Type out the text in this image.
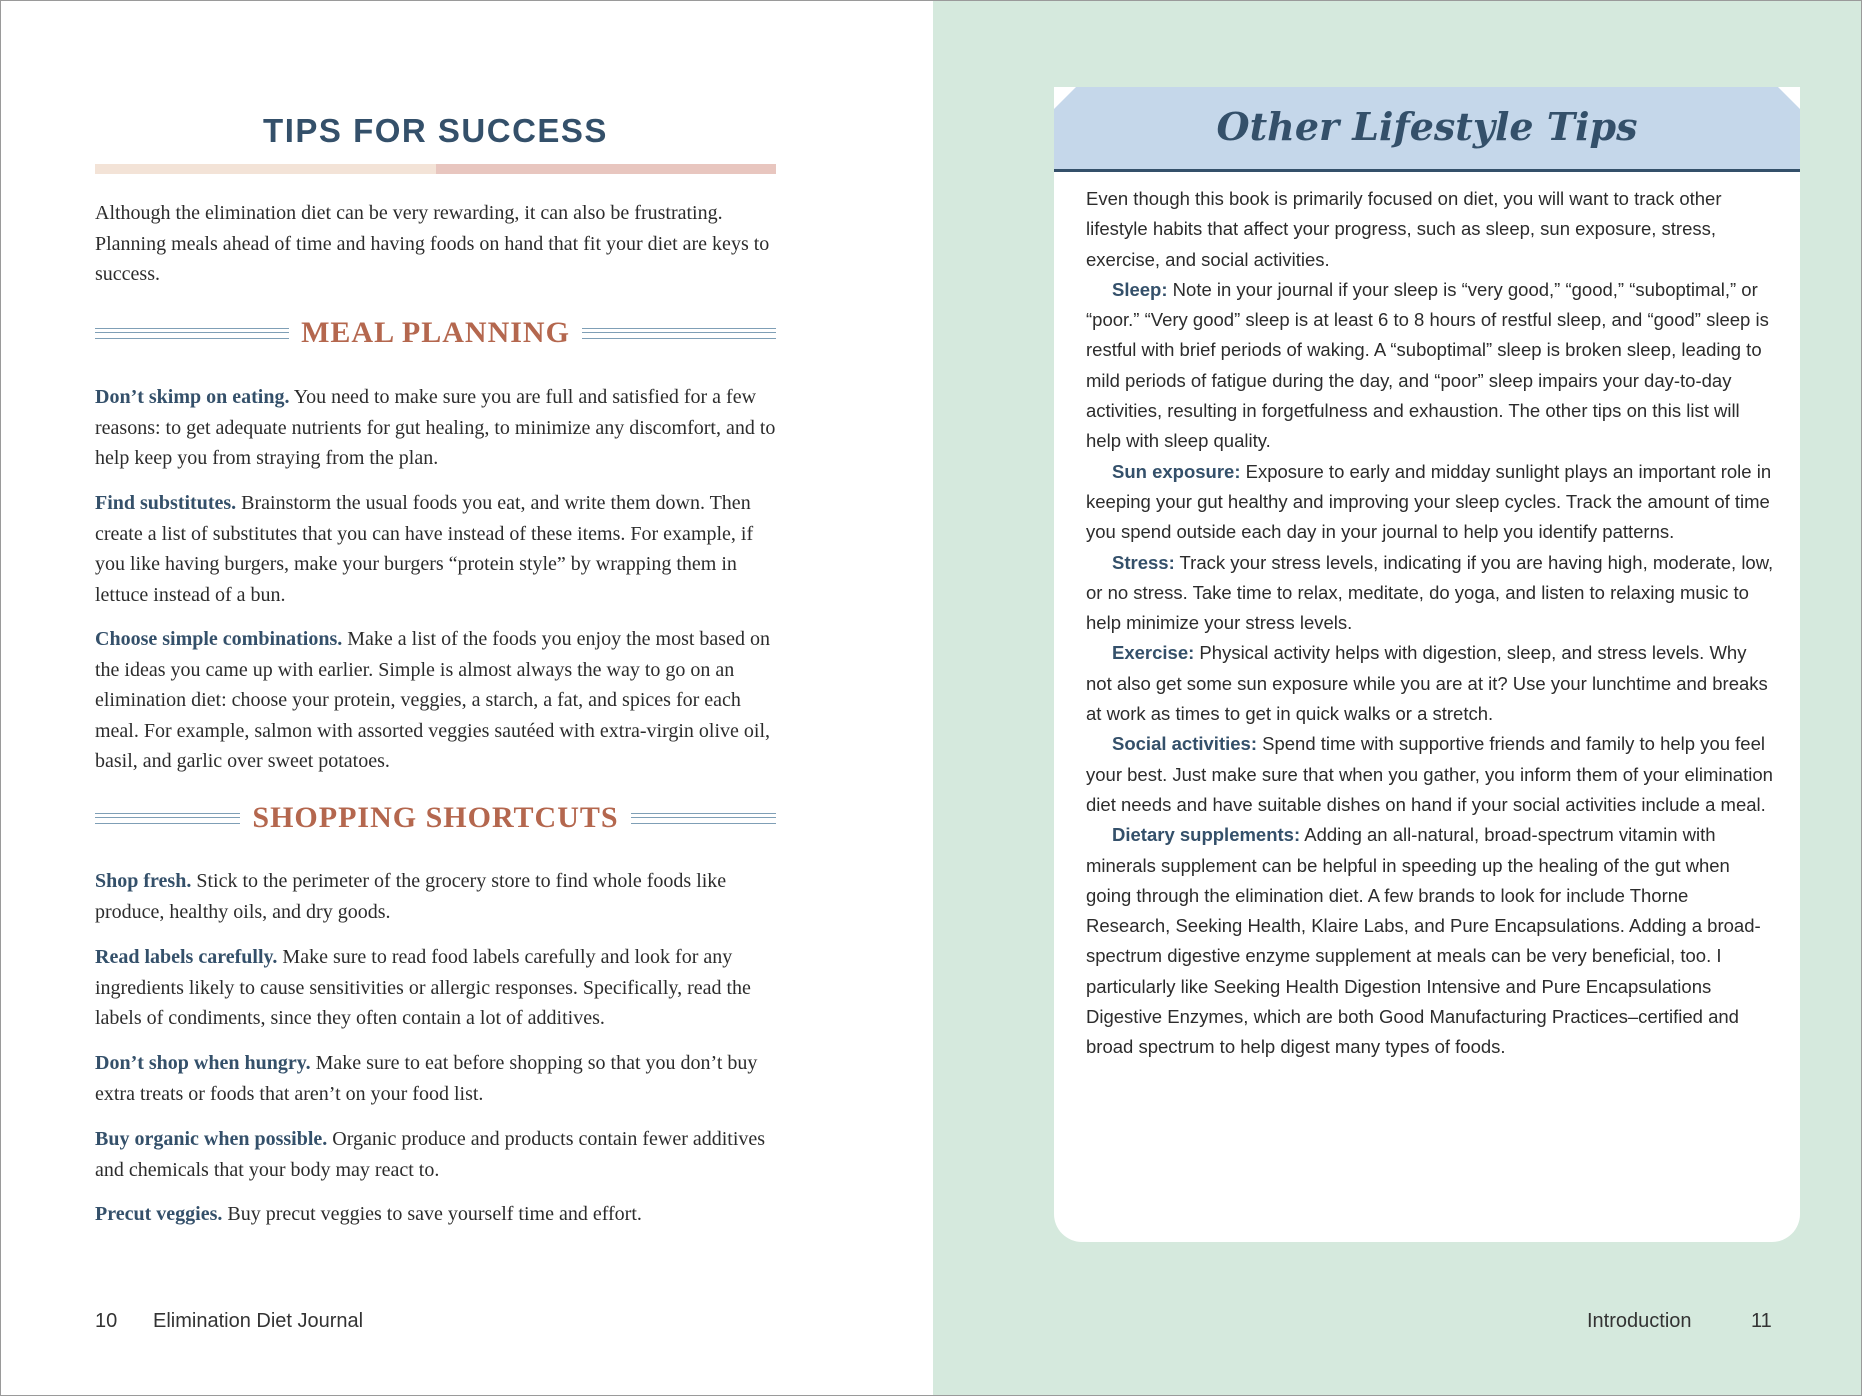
TIPS FOR SUCCESS

Although the elimination diet can be very rewarding, it can also be frustrating. Planning meals ahead of time and having foods on hand that fit your diet are keys to success.

MEAL PLANNING

Don’t skimp on eating. You need to make sure you are full and satisfied for a few reasons: to get adequate nutrients for gut healing, to minimize any discomfort, and to help keep you from straying from the plan.

Find substitutes. Brainstorm the usual foods you eat, and write them down. Then create a list of substitutes that you can have instead of these items. For example, if you like having burgers, make your burgers “protein style” by wrapping them in lettuce instead of a bun.

Choose simple combinations. Make a list of the foods you enjoy the most based on the ideas you came up with earlier. Simple is almost always the way to go on an elimination diet: choose your protein, veggies, a starch, a fat, and spices for each meal. For example, salmon with assorted veggies sautéed with extra-virgin olive oil, basil, and garlic over sweet potatoes.

SHOPPING SHORTCUTS

Shop fresh. Stick to the perimeter of the grocery store to find whole foods like produce, healthy oils, and dry goods.

Read labels carefully. Make sure to read food labels carefully and look for any ingredients likely to cause sensitivities or allergic responses. Specifically, read the labels of condiments, since they often contain a lot of additives.

Don’t shop when hungry. Make sure to eat before shopping so that you don’t buy extra treats or foods that aren’t on your food list.

Buy organic when possible. Organic produce and products contain fewer additives and chemicals that your body may react to.

Precut veggies. Buy precut veggies to save yourself time and effort.

10 Elimination Diet Journal
Other Lifestyle Tips

Even though this book is primarily focused on diet, you will want to track other lifestyle habits that affect your progress, such as sleep, sun exposure, stress, exercise, and social activities.

Sleep: Note in your journal if your sleep is “very good,” “good,” “suboptimal,” or “poor.” “Very good” sleep is at least 6 to 8 hours of restful sleep, and “good” sleep is restful with brief periods of waking. A “suboptimal” sleep is broken sleep, leading to mild periods of fatigue during the day, and “poor” sleep impairs your day-to-day activities, resulting in forgetfulness and exhaustion. The other tips on this list will help with sleep quality.

Sun exposure: Exposure to early and midday sunlight plays an important role in keeping your gut healthy and improving your sleep cycles. Track the amount of time you spend outside each day in your journal to help you identify patterns.

Stress: Track your stress levels, indicating if you are having high, moderate, low, or no stress. Take time to relax, meditate, do yoga, and listen to relaxing music to help minimize your stress levels.

Exercise: Physical activity helps with digestion, sleep, and stress levels. Why not also get some sun exposure while you are at it? Use your lunchtime and breaks at work as times to get in quick walks or a stretch.

Social activities: Spend time with supportive friends and family to help you feel your best. Just make sure that when you gather, you inform them of your elimination diet needs and have suitable dishes on hand if your social activities include a meal.

Dietary supplements: Adding an all-natural, broad-spectrum vitamin with minerals supplement can be helpful in speeding up the healing of the gut when going through the elimination diet. A few brands to look for include Thorne Research, Seeking Health, Klaire Labs, and Pure Encapsulations. Adding a broad-spectrum digestive enzyme supplement at meals can be very beneficial, too. I particularly like Seeking Health Digestion Intensive and Pure Encapsulations Digestive Enzymes, which are both Good Manufacturing Practices–certified and broad spectrum to help digest many types of foods.

Introduction	11
